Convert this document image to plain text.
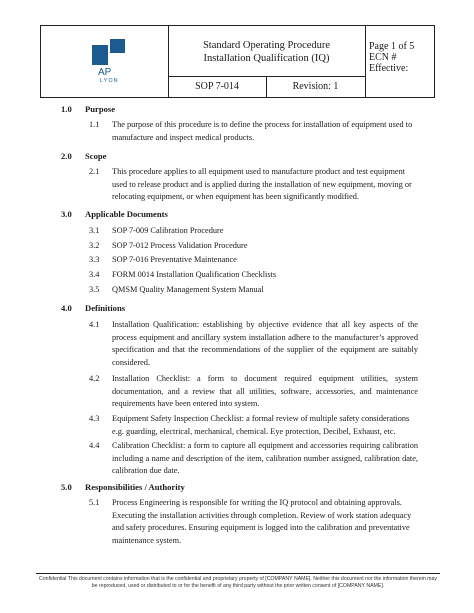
AP
LYON
Standard Operating Procedure
Installation Qualification (IQ)
SOP 7-014	Revision: 1
Page 1 of 5
ECN #
Effective:
1.0 Purpose
1.1 The purpose of this procedure is to define the process for installation of equipment used to manufacture and inspect medical products.
2.0 Scope
2.1 This procedure applies to all equipment used to manufacture product and test equipment used to release product and is applied during the installation of new equipment, moving or relocating equipment, or when equipment has been significantly modified.
3.0 Applicable Documents
3.1 SOP 7-009 Calibration Procedure
3.2 SOP 7-012 Process Validation Procedure
3.3 SOP 7-016 Preventative Maintenance
3.4 FORM 0014 Installation Qualification Checklists
3.5 QMSM Quality Management System Manual
4.0 Definitions
4.1 Installation Qualification: establishing by objective evidence that all key aspects of the process equipment and ancillary system installation adhere to the manufacturer’s approved specification and that the recommendations of the supplier of the equipment are suitably considered.
4.2 Installation Checklist: a form to document required equipment utilities, system documentation, and a review that all utilities, software, accessories, and maintenance requirements have been entered into system.
4.3 Equipment Safety Inspection Checklist: a formal review of multiple safety considerations e.g. guarding, electrical, mechanical, chemical. Eye protection, Decibel, Exhaust, etc.
4.4 Calibration Checklist: a form to capture all equipment and accessories requiring calibration including a name and description of the item, calibration number assigned, calibration date, calibration due date.
5.0 Responsibilities / Authority
5.1 Process Engineering is responsible for writing the IQ protocol and obtaining approvals. Executing the installation activities through completion. Review of work station adequacy and safety procedures. Ensuring equipment is logged into the calibration and preventative maintenance system.
Confidential This document contains information that is the confidential and proprietary property of [COMPANY NAME]. Neither this document nor the information therein may be reproduced, used or distributed to or for the benefit of any third party without the prior written consent of [COMPANY NAME].
